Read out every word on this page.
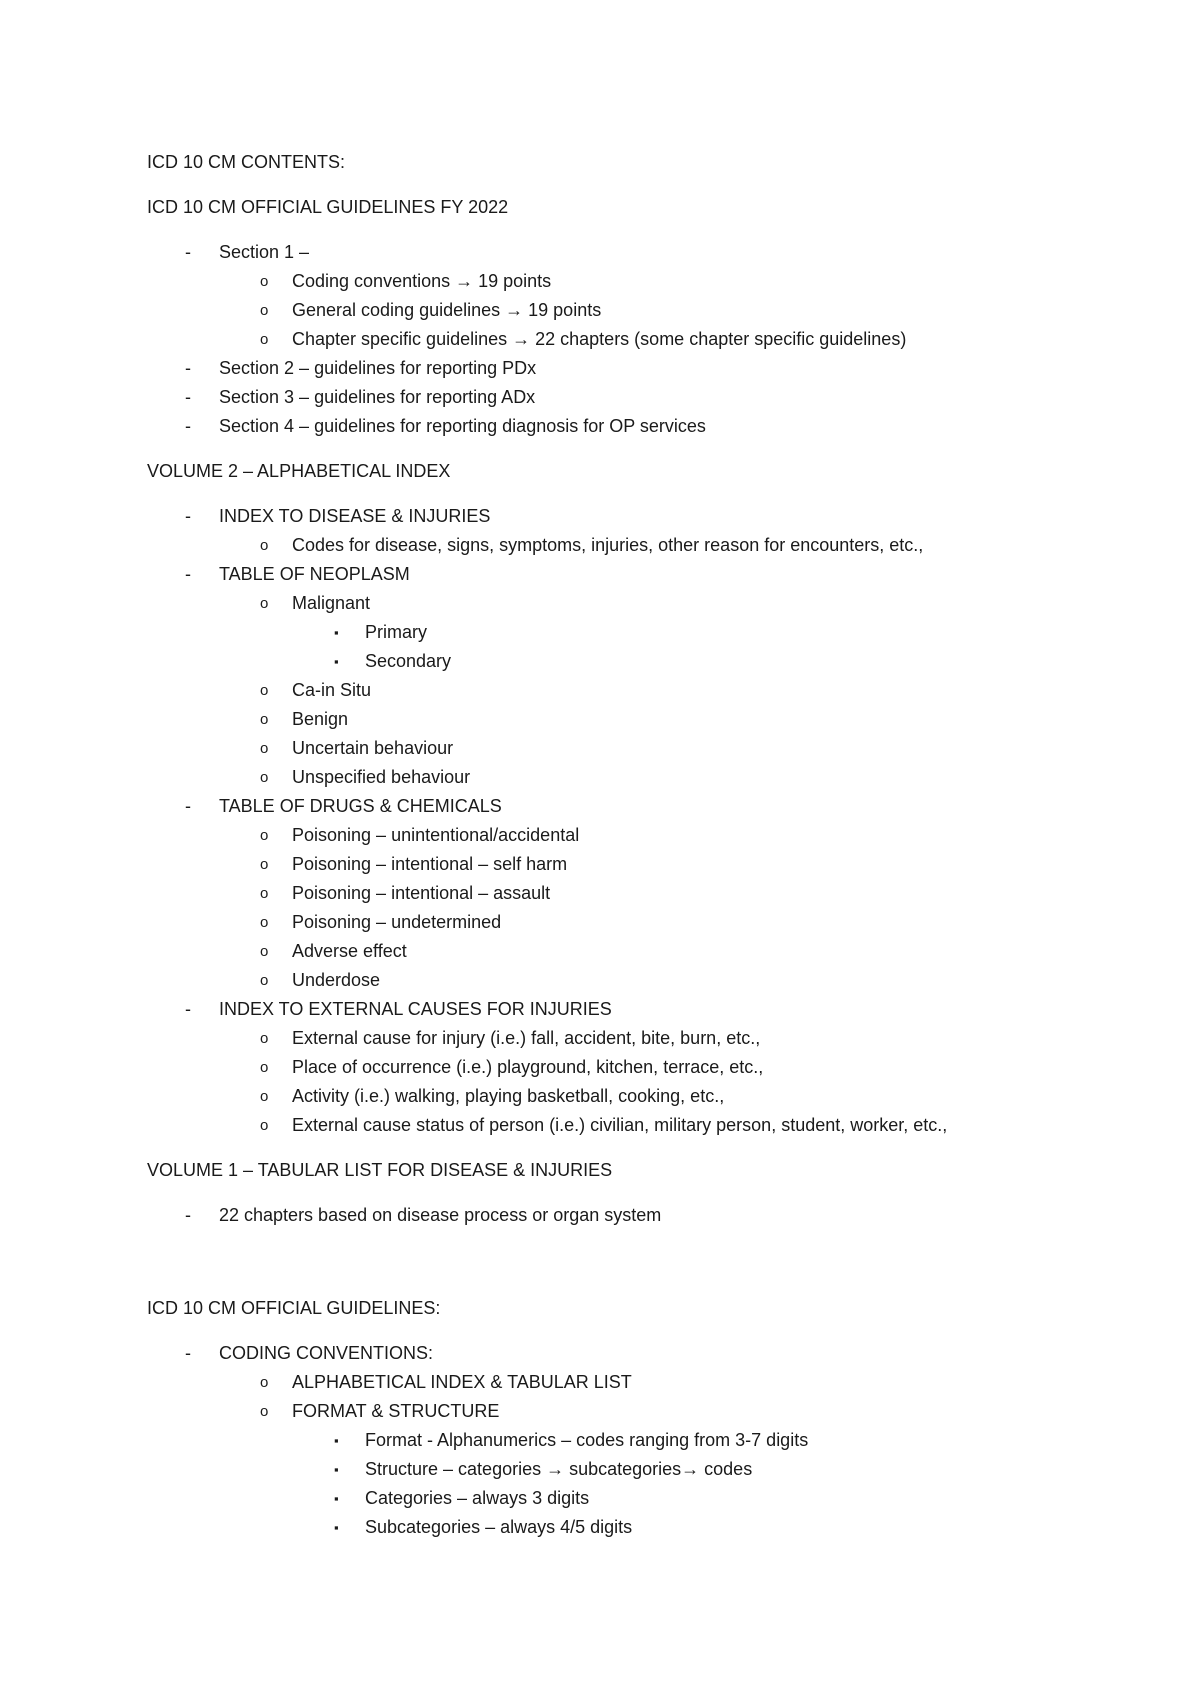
ICD 10 CM CONTENTS:

ICD 10 CM OFFICIAL GUIDELINES FY 2022

- Section 1 –
o Coding conventions → 19 points
o General coding guidelines → 19 points
o Chapter specific guidelines → 22 chapters (some chapter specific guidelines)
- Section 2 – guidelines for reporting PDx
- Section 3 – guidelines for reporting ADx
- Section 4 – guidelines for reporting diagnosis for OP services

VOLUME 2 – ALPHABETICAL INDEX

- INDEX TO DISEASE & INJURIES
o Codes for disease, signs, symptoms, injuries, other reason for encounters, etc.,
- TABLE OF NEOPLASM
o Malignant
▪ Primary
▪ Secondary
o Ca-in Situ
o Benign
o Uncertain behaviour
o Unspecified behaviour
- TABLE OF DRUGS & CHEMICALS
o Poisoning – unintentional/accidental
o Poisoning – intentional – self harm
o Poisoning – intentional – assault
o Poisoning – undetermined
o Adverse effect
o Underdose
- INDEX TO EXTERNAL CAUSES FOR INJURIES
o External cause for injury (i.e.) fall, accident, bite, burn, etc.,
o Place of occurrence (i.e.) playground, kitchen, terrace, etc.,
o Activity (i.e.) walking, playing basketball, cooking, etc.,
o External cause status of person (i.e.) civilian, military person, student, worker, etc.,

VOLUME 1 – TABULAR LIST FOR DISEASE & INJURIES

- 22 chapters based on disease process or organ system

ICD 10 CM OFFICIAL GUIDELINES:

- CODING CONVENTIONS:
o ALPHABETICAL INDEX & TABULAR LIST
o FORMAT & STRUCTURE
▪ Format - Alphanumerics – codes ranging from 3-7 digits
▪ Structure – categories → subcategories→ codes
▪ Categories – always 3 digits
▪ Subcategories – always 4/5 digits
